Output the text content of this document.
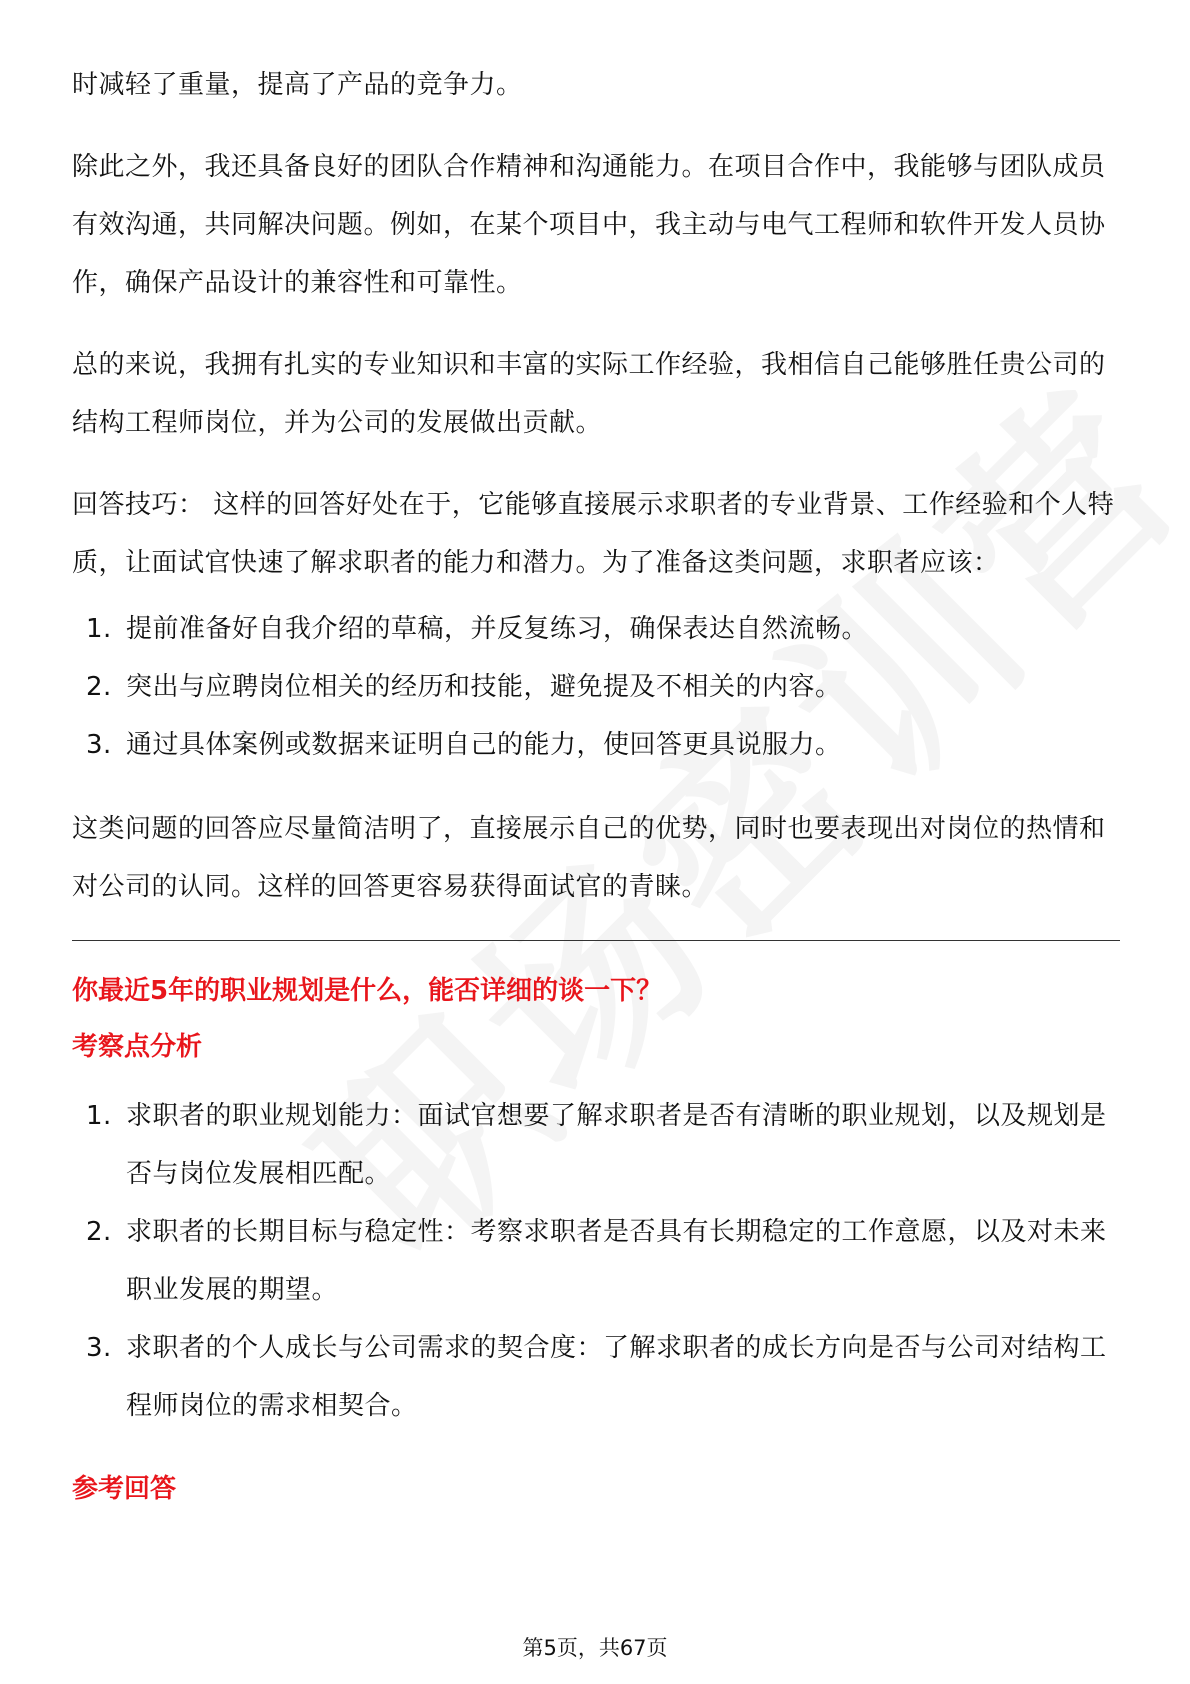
时减轻了重量，提高了产品的竞争力。

除此之外，我还具备良好的团队合作精神和沟通能力。在项目合作中，我能够与团队成员有效沟通，共同解决问题。例如，在某个项目中，我主动与电气工程师和软件开发人员协作，确保产品设计的兼容性和可靠性。

总的来说，我拥有扎实的专业知识和丰富的实际工作经验，我相信自己能够胜任贵公司的结构工程师岗位，并为公司的发展做出贡献。

回答技巧： 这样的回答好处在于，它能够直接展示求职者的专业背景、工作经验和个人特质，让面试官快速了解求职者的能力和潜力。为了准备这类问题，求职者应该：

1. 提前准备好自我介绍的草稿，并反复练习，确保表达自然流畅。
2. 突出与应聘岗位相关的经历和技能，避免提及不相关的内容。
3. 通过具体案例或数据来证明自己的能力，使回答更具说服力。

这类问题的回答应尽量简洁明了，直接展示自己的优势，同时也要表现出对岗位的热情和对公司的认同。这样的回答更容易获得面试官的青睐。

你最近5年的职业规划是什么，能否详细的谈一下？
考察点分析
1. 求职者的职业规划能力：面试官想要了解求职者是否有清晰的职业规划，以及规划是否与岗位发展相匹配。
2. 求职者的长期目标与稳定性：考察求职者是否具有长期稳定的工作意愿，以及对未来职业发展的期望。
3. 求职者的个人成长与公司需求的契合度：了解求职者的成长方向是否与公司对结构工程师岗位的需求相契合。
参考回答
第5页，共67页
